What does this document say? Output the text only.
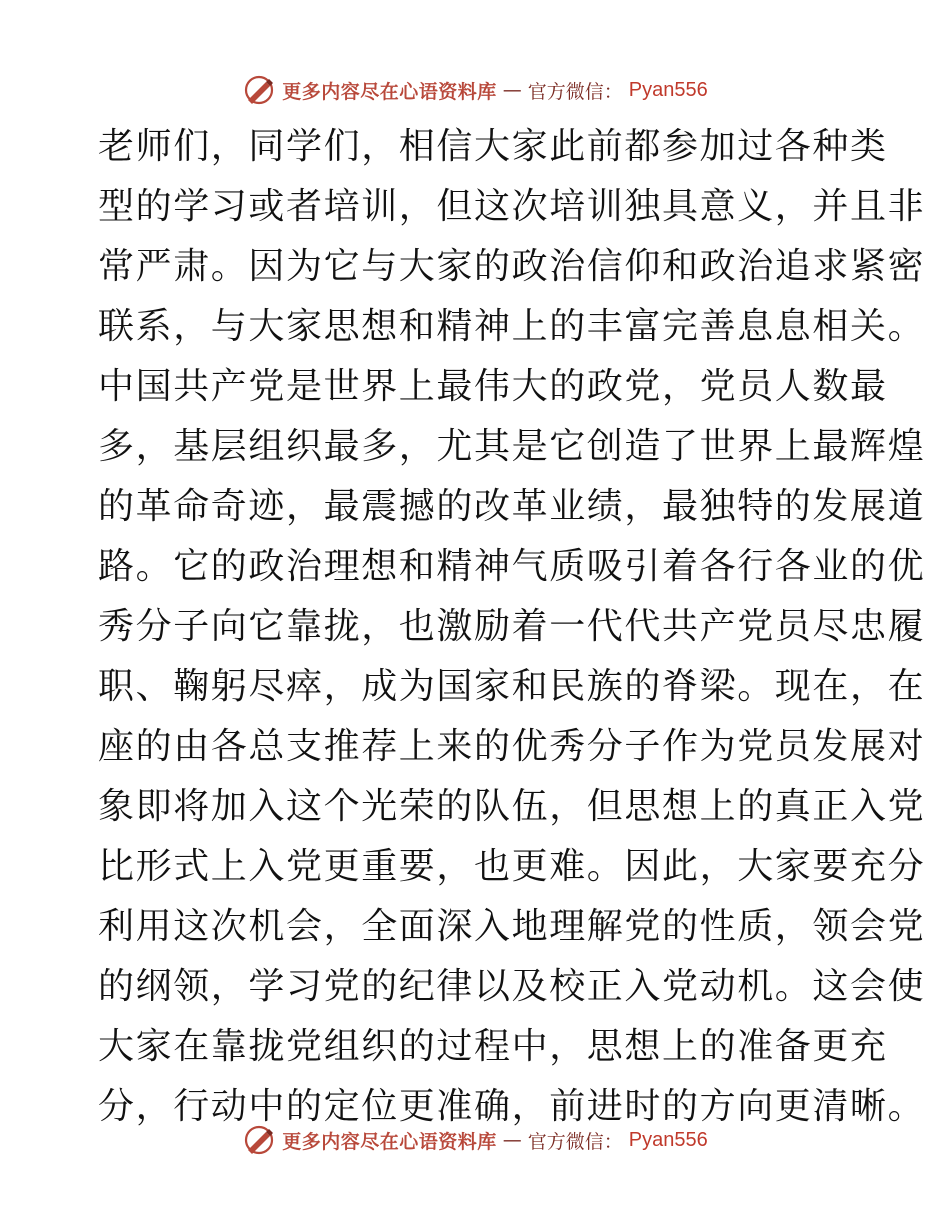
更多内容尽在心语资料库 — 官方微信： Pyan556
老师们，同学们，相信大家此前都参加过各种类
型的学习或者培训，但这次培训独具意义，并且非
常严肃。因为它与大家的政治信仰和政治追求紧密
联系，与大家思想和精神上的丰富完善息息相关。
中国共产党是世界上最伟大的政党，党员人数最
多，基层组织最多，尤其是它创造了世界上最辉煌
的革命奇迹，最震撼的改革业绩，最独特的发展道
路。它的政治理想和精神气质吸引着各行各业的优
秀分子向它靠拢，也激励着一代代共产党员尽忠履
职、鞠躬尽瘁，成为国家和民族的脊梁。现在，在
座的由各总支推荐上来的优秀分子作为党员发展对
象即将加入这个光荣的队伍，但思想上的真正入党
比形式上入党更重要，也更难。因此，大家要充分
利用这次机会，全面深入地理解党的性质，领会党
的纲领，学习党的纪律以及校正入党动机。这会使
大家在靠拢党组织的过程中，思想上的准备更充
分，行动中的定位更准确，前进时的方向更清晰。
更多内容尽在心语资料库 — 官方微信： Pyan556
